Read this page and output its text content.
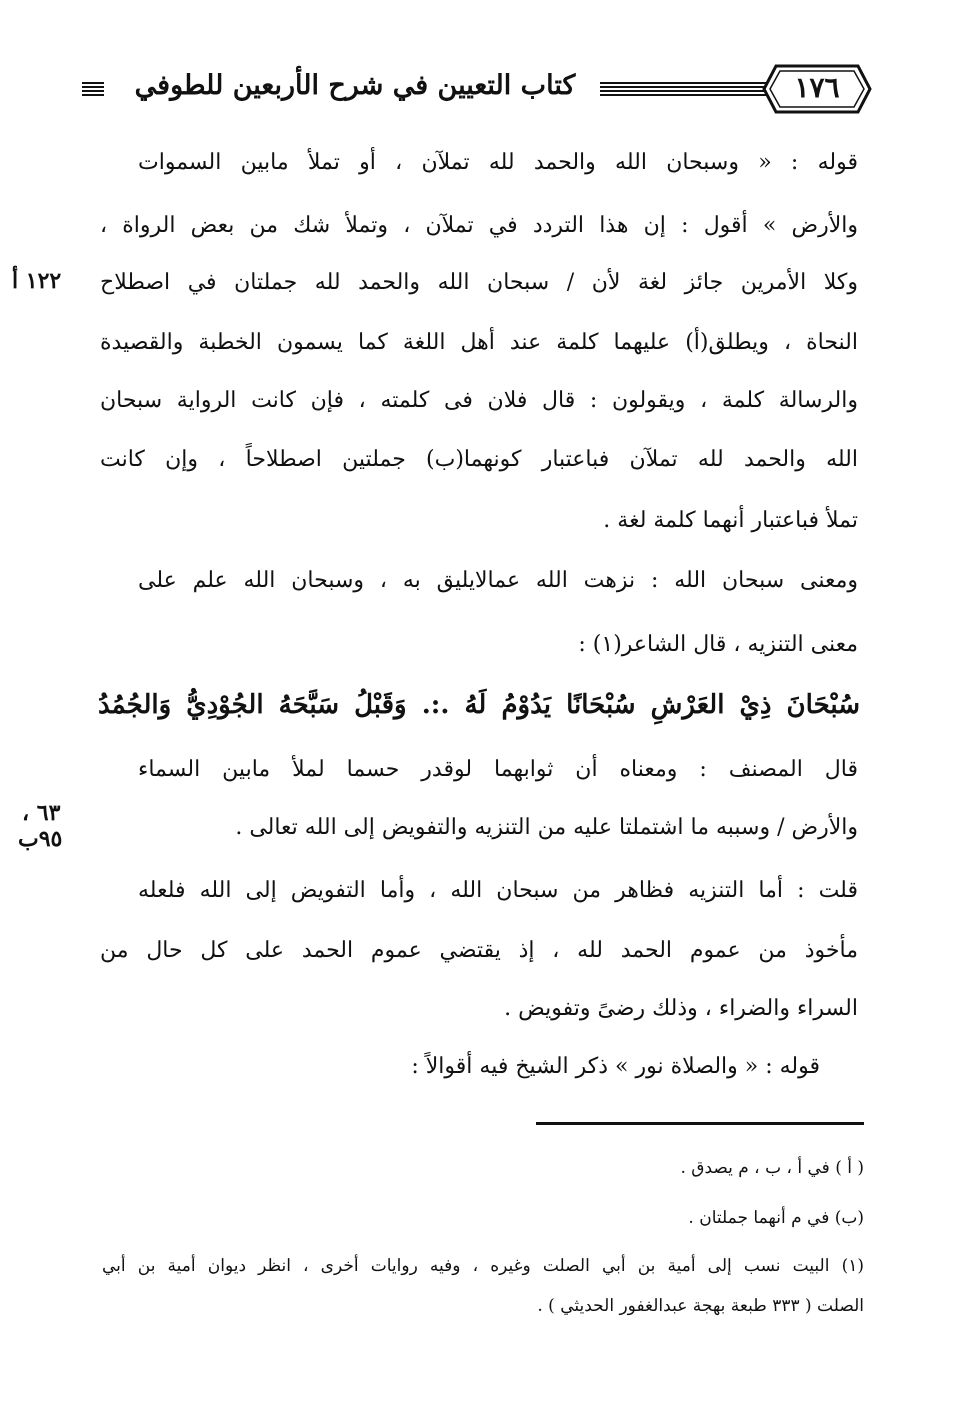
كتاب التعيين في شرح الأربعين للطوفي	١٧٦
قوله : « وسبحان الله والحمد لله تملآن ، أو تملأ مابين السموات
والأرض » أقول : إن هذا التردد في تملآن ، وتملأ شك من بعض الرواة ،
وكلا الأمرين جائز لغة لأن / سبحان الله والحمد لله جملتان في اصطلاح
النحاة ، ويطلق(أ) عليهما كلمة عند أهل اللغة كما يسمون الخطبة والقصيدة
والرسالة كلمة ، ويقولون : قال فلان فى كلمته ، فإن كانت الرواية سبحان
الله والحمد لله تملآن فباعتبار كونهما(ب) جملتين اصطلاحاً ، وإن كانت
تملأ فباعتبار أنهما كلمة لغة .
ومعنى سبحان الله : نزهت الله عمالايليق به ، وسبحان الله علم على
معنى التنزيه ، قال الشاعر(١) :
سُبْحَانَ ذِيْ العَرْشِ سُبْحَانًا يَدُوْمُ لَهُ .:. وَقَبْلُ سَبَّحَهُ الجُوْدِيُّ وَالجُمُدُ
قال المصنف : ومعناه أن ثوابهما لوقدر حسما لملأ مابين السماء
والأرض / وسببه ما اشتملتا عليه من التنزيه والتفويض إلى الله تعالى .
قلت : أما التنزيه فظاهر من سبحان الله ، وأما التفويض إلى الله فلعله
مأخوذ من عموم الحمد لله ، إذ يقتضي عموم الحمد على كل حال من
السراء والضراء ، وذلك رضىً وتفويض .
قوله : « والصلاة نور » ذكر الشيخ فيه أقوالاً :
١٢٢ أ
٦٣ ،
٩٥ب
( أ ) في أ ، ب ، م يصدق .
(ب) في م أنهما جملتان .
(١) البيت نسب إلى أمية بن أبي الصلت وغيره ، وفيه روايات أخرى ، انظر ديوان أمية بن أبي
الصلت ( ٣٣٣ طبعة بهجة عبدالغفور الحديثي ) .
